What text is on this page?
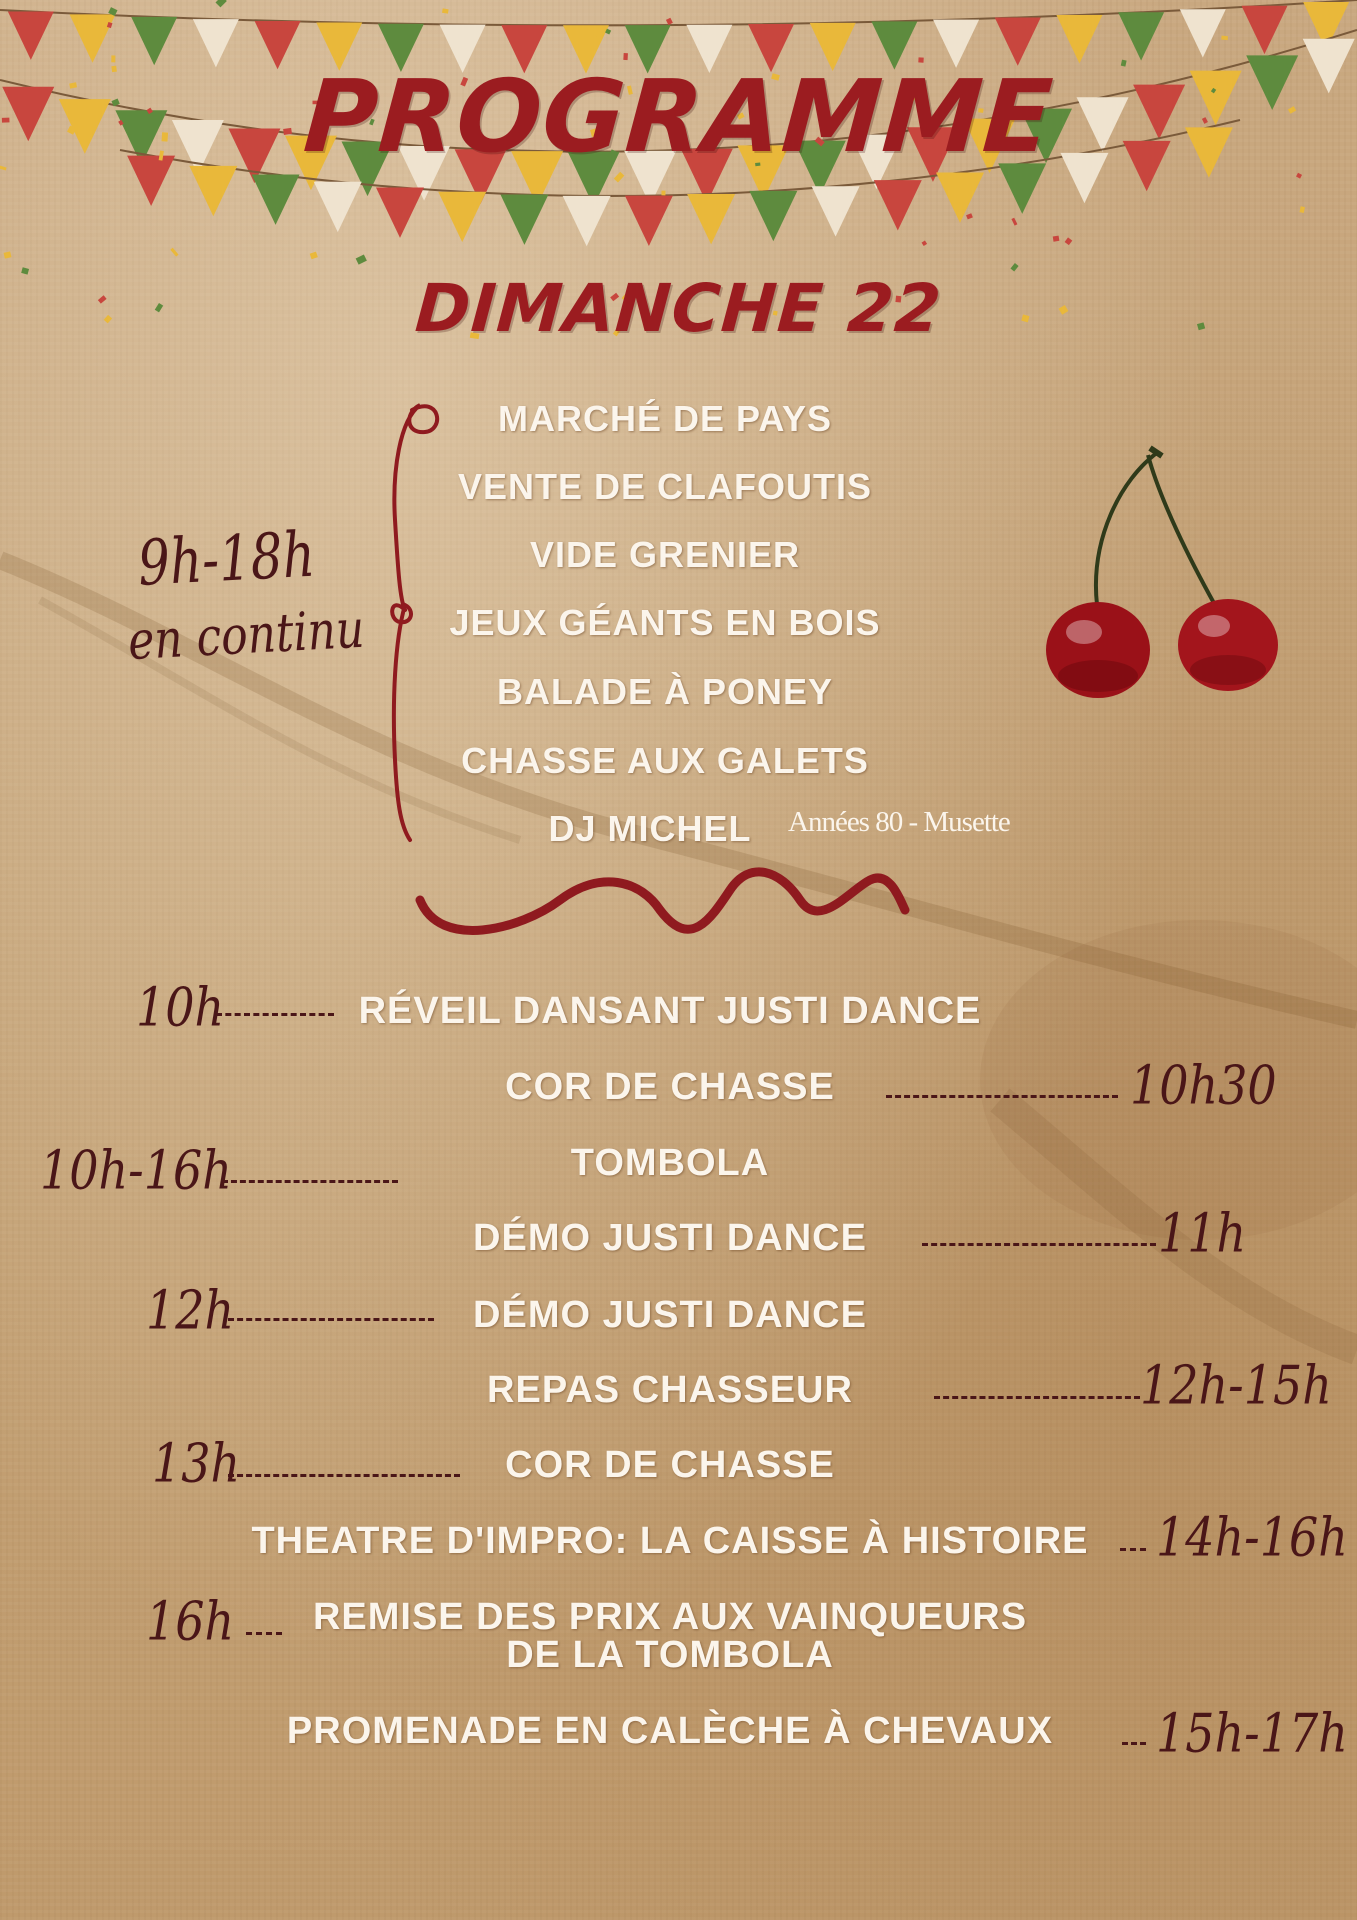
PROGRAMME
DIMANCHE 22
9h-18h
en continu
MARCHÉ DE PAYS
VENTE DE CLAFOUTIS
VIDE GRENIER
JEUX GÉANTS EN BOIS
BALADE À PONEY
CHASSE AUX GALETS
DJ MICHEL	Années 80 - Musette
10h	RÉVEIL DANSANT JUSTI DANCE
COR DE CHASSE	10h30
10h-16h	TOMBOLA
DÉMO JUSTI DANCE	11h
12h	DÉMO JUSTI DANCE
REPAS CHASSEUR	12h-15h
13h	COR DE CHASSE
THEATRE D'IMPRO: LA CAISSE À HISTOIRE	14h-16h
16h	REMISE DES PRIX AUX VAINQUEURS
DE LA TOMBOLA
PROMENADE EN CALÈCHE À CHEVAUX	15h-17h
